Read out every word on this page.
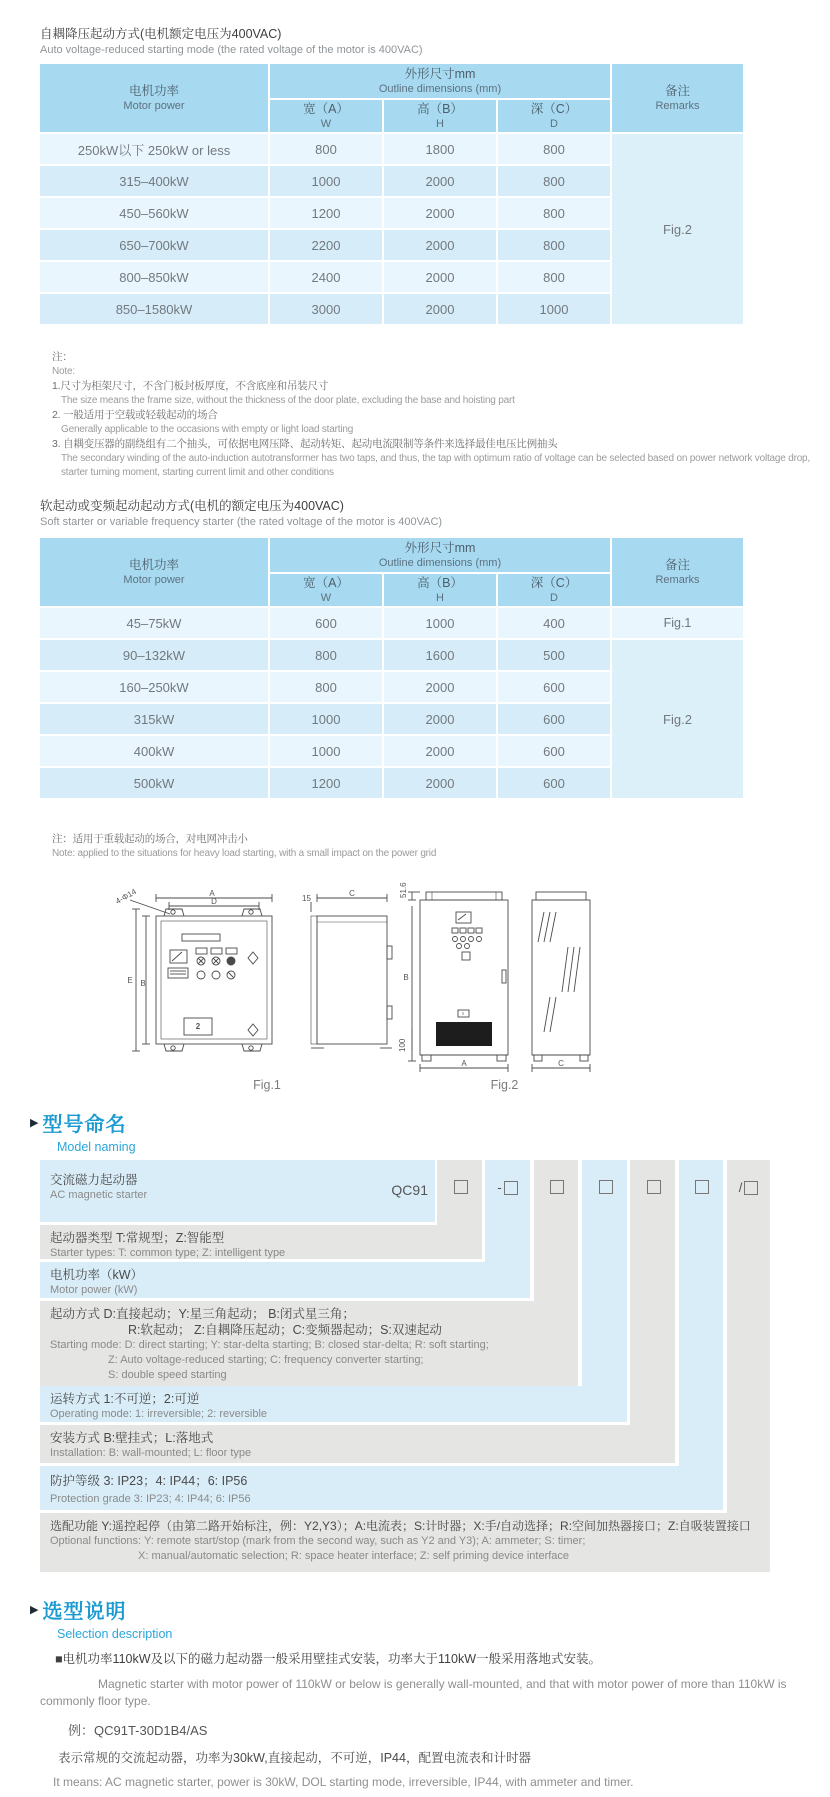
自耦降压起动方式(电机额定电压为400VAC)
Auto voltage-reduced starting mode (the rated voltage of the motor is 400VAC)
电机功率
Motor power	外形尺寸mm
Outline dimensions (mm)			备注
Remarks

	宽（A）
W	高（B）
H	深（C）
D	

250kW以下 250kW or less	800	1800	800	Fig.2
315–400kW	1000	2000	800	
450–560kW	1200	2000	800	
650–700kW	2200	2000	800	
800–850kW	2400	2000	800	
850–1580kW	3000	2000	1000	
注：
Note:
1.尺寸为柜架尺寸，不含门板封板厚度，不含底座和吊装尺寸
The size means the frame size, without the thickness of the door plate, excluding the base and hoisting part
2. 一般适用于空载或轻载起动的场合
Generally applicable to the occasions with empty or light load starting
3. 自耦变压器的副绕组有二个抽头，可依据电网压降、起动转矩、起动电流限制等条件来选择最佳电压比例抽头
The secondary winding of the auto-induction autotransformer has two taps, and thus, the tap with optimum ratio of voltage can be selected based on power network voltage drop,
starter turning moment, starting current limit and other conditions
软起动或变频起动起动方式(电机的额定电压为400VAC)
Soft starter or variable frequency starter (the rated voltage of the motor is 400VAC)
电机功率
Motor power	外形尺寸mm
Outline dimensions (mm)			备注
Remarks

	宽（A）
W	高（B）
H	深（C）
D	

45–75kW	600	1000	400	Fig.1
90–132kW	800	1600	500	Fig.2
160–250kW	800	2000	600	
315kW	1000	2000	600	
400kW	1000	2000	600	
500kW	1200	2000	600	
注：适用于重载起动的场合，对电网冲击小
Note: applied to the situations for heavy load starting, with a small impact on the power grid
A
D
4-Φ14
E B
2
C
15
Fig.1
51.6
B
100
A	C
Fig.2
▶ 型号命名
Model naming
-	/
交流磁力起动器
AC magnetic starter	QC91
起动器类型 T:常规型；Z:智能型
Starter types: T: common type; Z: intelligent type
电机功率（kW）
Motor power (kW)
起动方式 D:直接起动；Y:星三角起动； B:闭式星三角；
R:软起动； Z:自耦降压起动；C:变频器起动；S:双速起动
Starting mode: D: direct starting; Y: star-delta starting; B: closed star-delta; R: soft starting;
Z: Auto voltage-reduced starting; C: frequency converter starting;
S: double speed starting
运转方式 1:不可逆；2:可逆
Operating mode: 1: irreversible; 2: reversible
安装方式 B:壁挂式；L:落地式
Installation: B: wall-mounted; L: floor type
防护等级 3: IP23；4: IP44；6: IP56
Protection grade 3: IP23; 4: IP44; 6: IP56
选配功能 Y:遥控起停（由第二路开始标注，例：Y2,Y3）；A:电流表；S:计时器；X:手/自动选择；R:空间加热器接口；Z:自吸装置接口
Optional functions: Y: remote start/stop (mark from the second way, such as Y2 and Y3); A: ammeter; S: timer;
X: manual/automatic selection; R: space heater interface; Z: self priming device interface
▶ 选型说明
Selection description

■电机功率110kW及以下的磁力起动器一般采用壁挂式安装，功率大于110kW一般采用落地式安装。

Magnetic starter with motor power of 110kW or below is generally wall-mounted, and that with motor power of more than 110kW is commonly floor type.

例：QC91T-30D1B4/AS

表示常规的交流起动器，功率为30kW,直接起动，不可逆，IP44，配置电流表和计时器

It means: AC magnetic starter, power is 30kW, DOL starting mode, irreversible, IP44, with ammeter and timer.
